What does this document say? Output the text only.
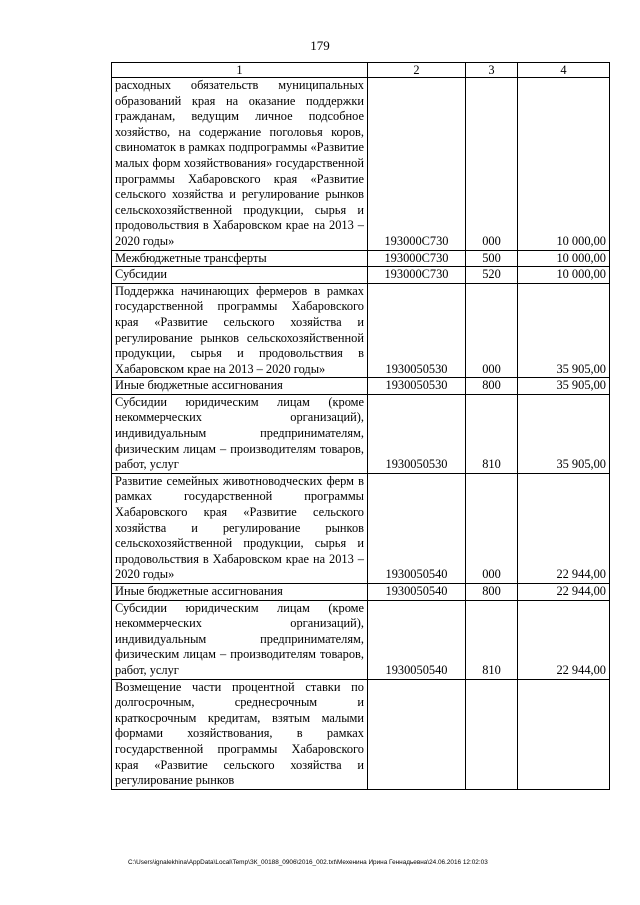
179
1	2	3	4
расходных обязательств муниципальных образований края на оказание поддержки гражданам, ведущим личное подсобное хозяйство, на содержание поголовья коров, свиноматок в рамках подпрограммы «Развитие малых форм хозяйствования» государственной программы Хабаровского края «Развитие сельского хозяйства и регулирование рынков сельскохозяйственной продукции, сырья и продовольствия в Хабаровском крае на 2013 – 2020 годы»	193000С730	000	10 000,00
Межбюджетные трансферты	193000С730	500	10 000,00
Субсидии	193000С730	520	10 000,00
Поддержка начинающих фермеров в рамках государственной программы Хабаровского края «Развитие сельского хозяйства и регулирование рынков сельскохозяйственной продукции, сырья и продовольствия в Хабаровском крае на 2013 – 2020 годы»	1930050530	000	35 905,00
Иные бюджетные ассигнования	1930050530	800	35 905,00
Субсидии юридическим лицам (кроме некоммерческих организаций), индивидуальным предпринимателям, физическим лицам – производителям товаров, работ, услуг	1930050530	810	35 905,00
Развитие семейных животноводческих ферм в рамках государственной программы Хабаровского края «Развитие сельского хозяйства и регулирование рынков сельскохозяйственной продукции, сырья и продовольствия в Хабаровском крае на 2013 – 2020 годы»	1930050540	000	22 944,00
Иные бюджетные ассигнования	1930050540	800	22 944,00
Субсидии юридическим лицам (кроме некоммерческих организаций), индивидуальным предпринимателям, физическим лицам – производителям товаров, работ, услуг	1930050540	810	22 944,00
Возмещение части процентной ставки по долгосрочным, среднесрочным и краткосрочным кредитам, взятым малыми формами хозяйствования, в рамках государственной программы Хабаровского края «Развитие сельского хозяйства и регулирование рынков			
C:\Users\ignalekhina\AppData\Local\Temp\ЗК_00188_0906\2016_002.txt\Мехенина Ирина Геннадьевна\24.06.2016 12:02:03
